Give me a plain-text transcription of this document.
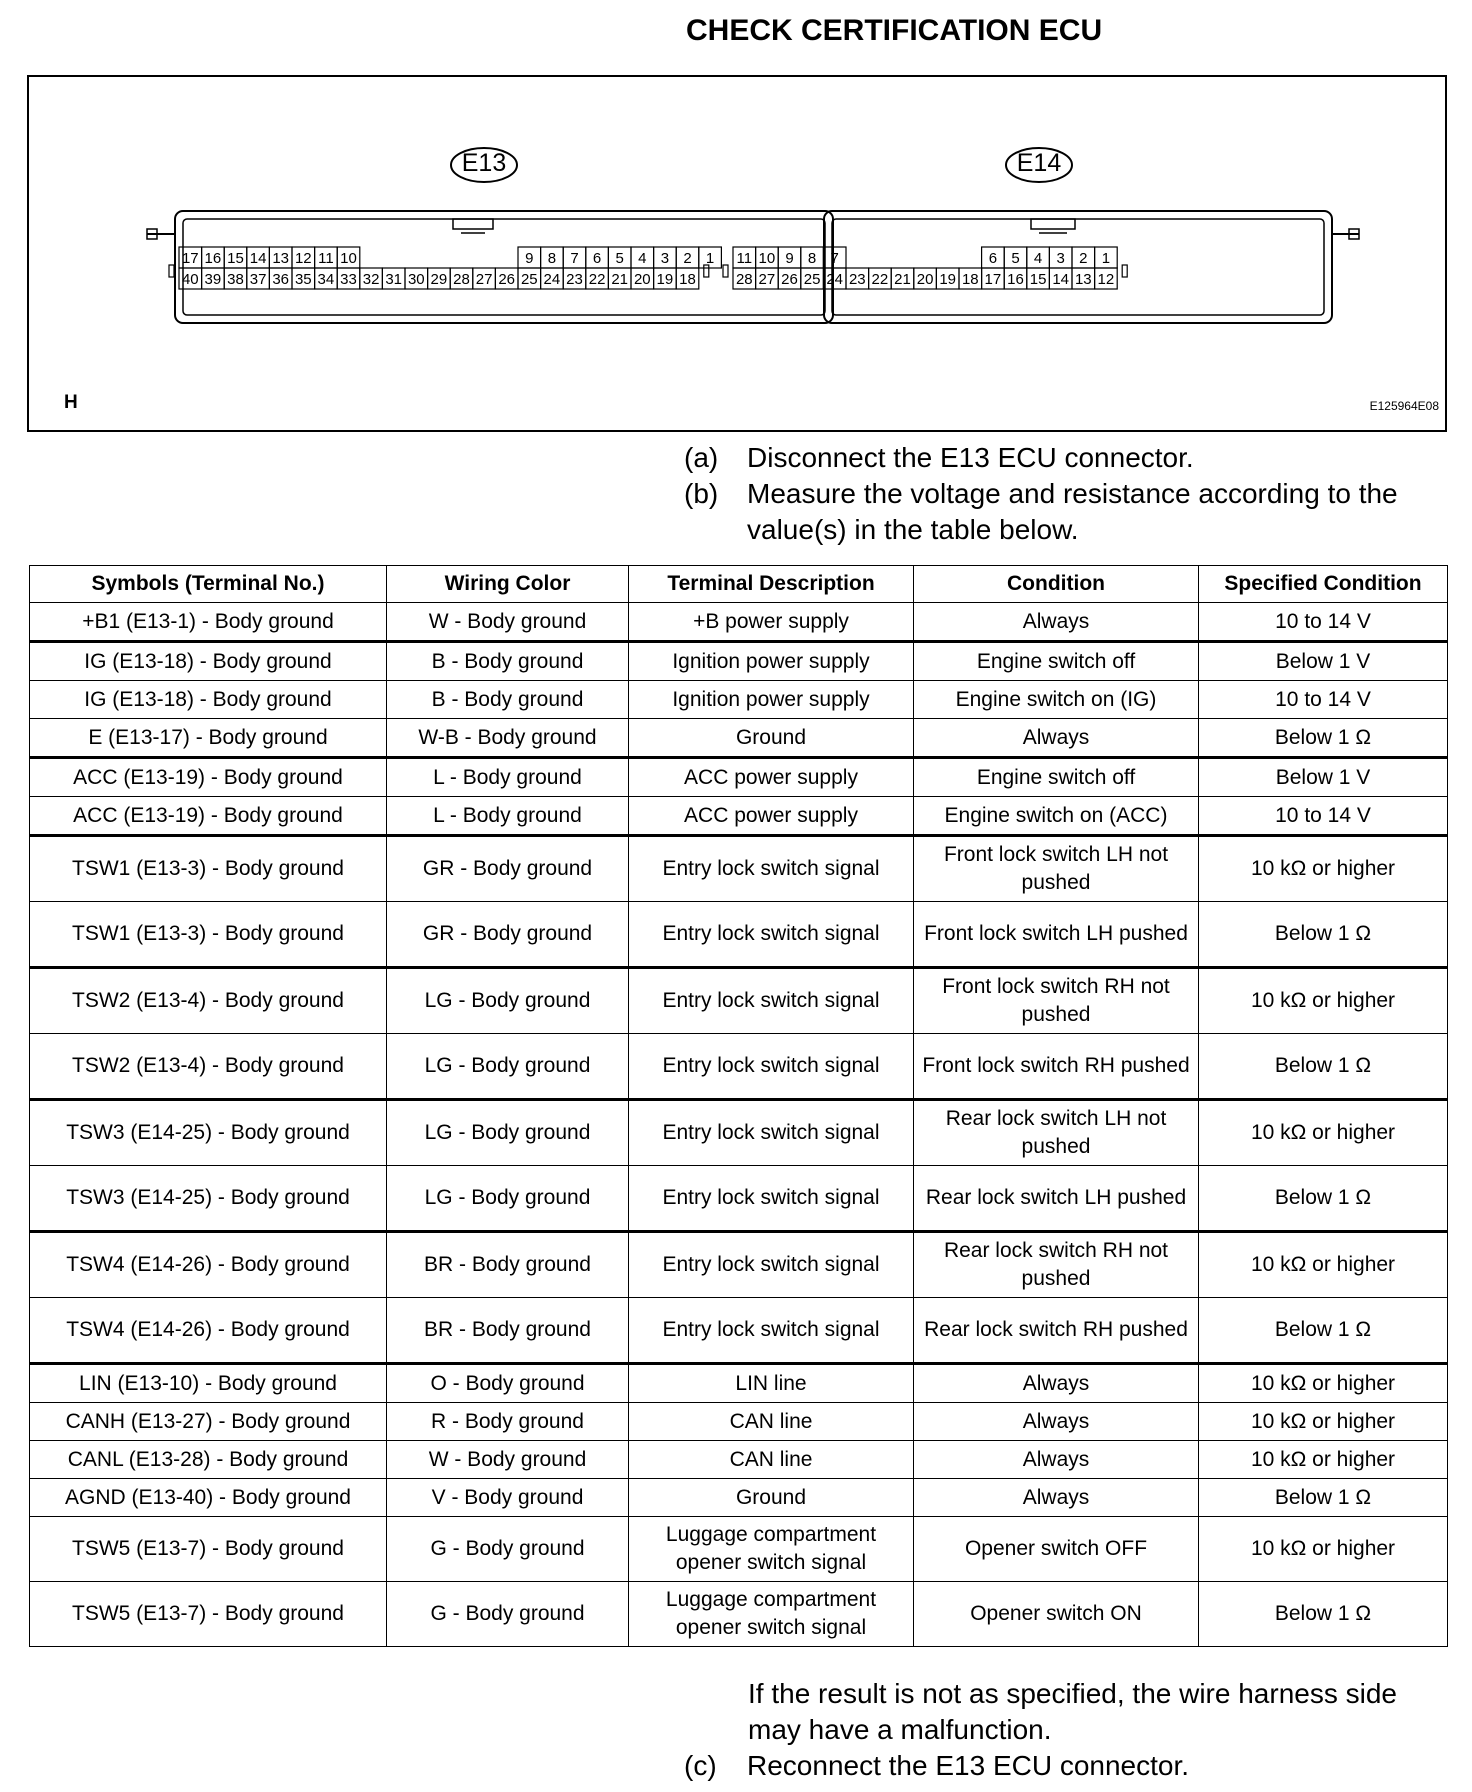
CHECK CERTIFICATION ECU
40 39 38 37 36 35 34 33 32 31 30 29 28 27 26 25 24 23 22 21 20 19 18
17 16 15 14 13 12 11 10	9 8 7 6 5 4 3 2 1
28 27 26 25 24 23 22 21 20 19 18 17 16 15 14 13 12
11 10 9 8 7	6 5 4 3 2 1
E13	E14
H	E125964E08
(a)	Disconnect the E13 ECU connector.
(b)	Measure the voltage and resistance according to the value(s) in the table below.
Symbols (Terminal No.)	Wiring Color	Terminal Description	Condition	Specified Condition
+B1 (E13-1) - Body ground	W - Body ground	+B power supply	Always	10 to 14 V
IG (E13-18) - Body ground	B - Body ground	Ignition power supply	Engine switch off	Below 1 V
IG (E13-18) - Body ground	B - Body ground	Ignition power supply	Engine switch on (IG)	10 to 14 V
E (E13-17) - Body ground	W-B - Body ground	Ground	Always	Below 1 Ω
ACC (E13-19) - Body ground	L - Body ground	ACC power supply	Engine switch off	Below 1 V
ACC (E13-19) - Body ground	L - Body ground	ACC power supply	Engine switch on (ACC)	10 to 14 V
TSW1 (E13-3) - Body ground	GR - Body ground	Entry lock switch signal	Front lock switch LH not pushed	10 kΩ or higher
TSW1 (E13-3) - Body ground	GR - Body ground	Entry lock switch signal	Front lock switch LH pushed	Below 1 Ω
TSW2 (E13-4) - Body ground	LG - Body ground	Entry lock switch signal	Front lock switch RH not pushed	10 kΩ or higher
TSW2 (E13-4) - Body ground	LG - Body ground	Entry lock switch signal	Front lock switch RH pushed	Below 1 Ω
TSW3 (E14-25) - Body ground	LG - Body ground	Entry lock switch signal	Rear lock switch LH not pushed	10 kΩ or higher
TSW3 (E14-25) - Body ground	LG - Body ground	Entry lock switch signal	Rear lock switch LH pushed	Below 1 Ω
TSW4 (E14-26) - Body ground	BR - Body ground	Entry lock switch signal	Rear lock switch RH not pushed	10 kΩ or higher
TSW4 (E14-26) - Body ground	BR - Body ground	Entry lock switch signal	Rear lock switch RH pushed	Below 1 Ω
LIN (E13-10) - Body ground	O - Body ground	LIN line	Always	10 kΩ or higher
CANH (E13-27) - Body ground	R - Body ground	CAN line	Always	10 kΩ or higher
CANL (E13-28) - Body ground	W - Body ground	CAN line	Always	10 kΩ or higher
AGND (E13-40) - Body ground	V - Body ground	Ground	Always	Below 1 Ω
TSW5 (E13-7) - Body ground	G - Body ground	Luggage compartment opener switch signal	Opener switch OFF	10 kΩ or higher
TSW5 (E13-7) - Body ground	G - Body ground	Luggage compartment opener switch signal	Opener switch ON	Below 1 Ω
If the result is not as specified, the wire harness side may have a malfunction.
(c)	Reconnect the E13 ECU connector.
